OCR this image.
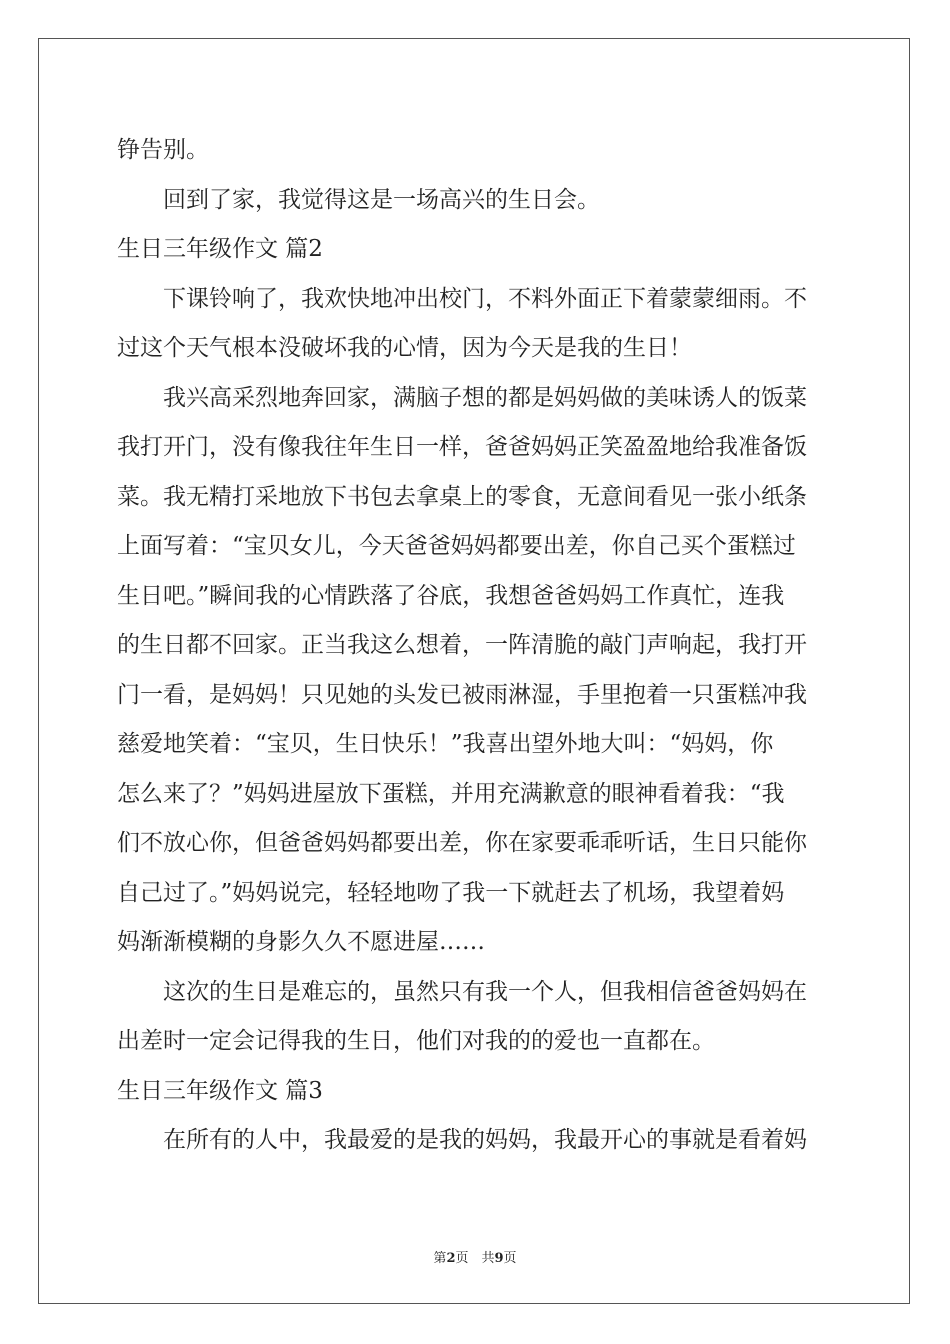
铮告别。
回到了家，我觉得这是一场高兴的生日会。
生日三年级作文 篇2
下课铃响了，我欢快地冲出校门，不料外面正下着蒙蒙细雨。不
过这个天气根本没破坏我的心情，因为今天是我的生日！
我兴高采烈地奔回家，满脑子想的都是妈妈做的美味诱人的饭菜
我打开门，没有像我往年生日一样，爸爸妈妈正笑盈盈地给我准备饭
菜。我无精打采地放下书包去拿桌上的零食，无意间看见一张小纸条
上面写着：“宝贝女儿，今天爸爸妈妈都要出差，你自己买个蛋糕过
生日吧。”瞬间我的心情跌落了谷底，我想爸爸妈妈工作真忙，连我
的生日都不回家。正当我这么想着，一阵清脆的敲门声响起，我打开
门一看，是妈妈！只见她的头发已被雨淋湿，手里抱着一只蛋糕冲我
慈爱地笑着：“宝贝，生日快乐！”我喜出望外地大叫：“妈妈，你
怎么来了？”妈妈进屋放下蛋糕，并用充满歉意的眼神看着我：“我
们不放心你，但爸爸妈妈都要出差，你在家要乖乖听话，生日只能你
自己过了。”妈妈说完，轻轻地吻了我一下就赶去了机场，我望着妈
妈渐渐模糊的身影久久不愿进屋……
这次的生日是难忘的，虽然只有我一个人，但我相信爸爸妈妈在
出差时一定会记得我的生日，他们对我的的爱也一直都在。
生日三年级作文 篇3
在所有的人中，我最爱的是我的妈妈，我最开心的事就是看着妈
第2页　共9页
